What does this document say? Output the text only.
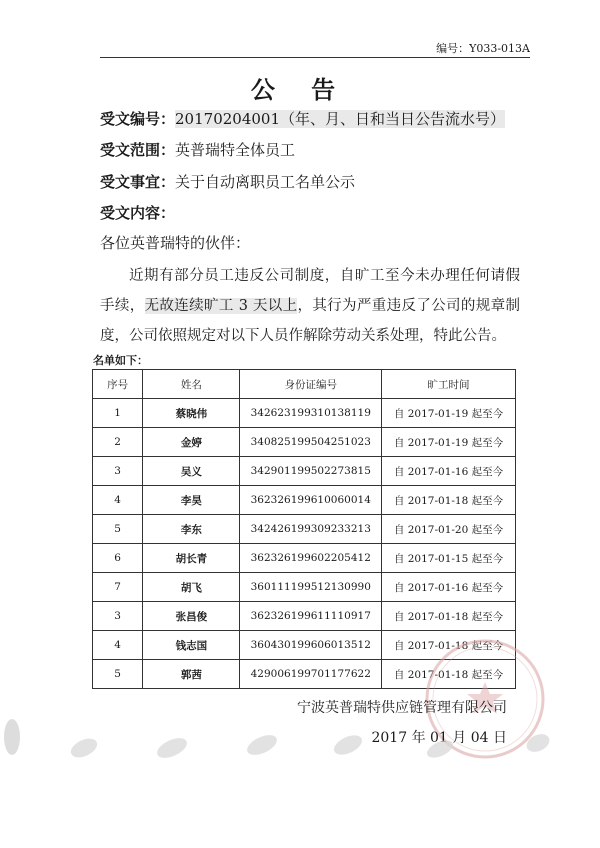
编号：Y033-013A
公 告
受文编号：20170204001（年、月、日和当日公告流水号）
受文范围：英普瑞特全体员工
受文事宜：关于自动离职员工名单公示
受文内容：
各位英普瑞特的伙伴：
近期有部分员工违反公司制度，自旷工至今未办理任何请假手续，无故连续旷工 3 天以上，其行为严重违反了公司的规章制度，公司依照规定对以下人员作解除劳动关系处理，特此公告。
名单如下：
序号	姓名	身份证编号	旷工时间
1	蔡晓伟	342623199310138119	自 2017-01-19 起至今
2	金婷	340825199504251023	自 2017-01-19 起至今
3	吴义	342901199502273815	自 2017-01-16 起至今
4	李昊	362326199610060014	自 2017-01-18 起至今
5	李东	342426199309233213	自 2017-01-20 起至今
6	胡长青	362326199602205412	自 2017-01-15 起至今
7	胡飞	360111199512130990	自 2017-01-16 起至今
3	张昌俊	362326199611110917	自 2017-01-18 起至今
4	钱志国	360430199606013512	自 2017-01-18 起至今
5	郭茜	429006199701177622	自 2017-01-18 起至今
宁波英普瑞特供应链管理有限公司
2017 年 01 月 04 日
